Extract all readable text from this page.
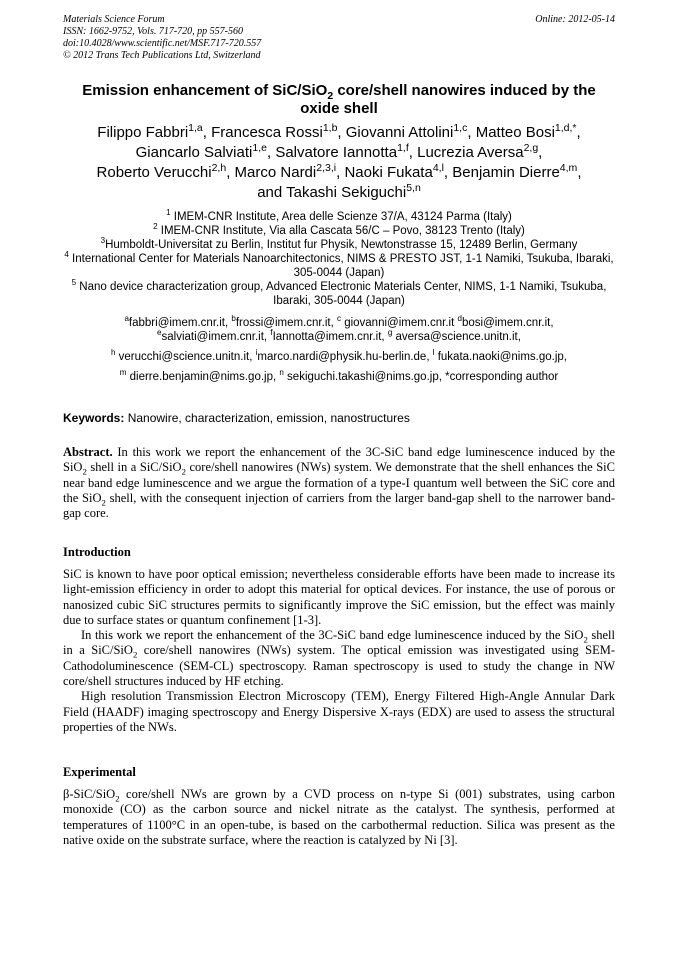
Materials Science Forum
ISSN: 1662-9752, Vols. 717-720, pp 557-560
doi:10.4028/www.scientific.net/MSF.717-720.557
© 2012 Trans Tech Publications Ltd, Switzerland
Online: 2012-05-14
Emission enhancement of SiC/SiO$_2$ core/shell nanowires induced by the oxide shell
Filippo Fabbri$^{1,a}$, Francesca Rossi$^{1,b}$, Giovanni Attolini$^{1,c}$, Matteo Bosi$^{1,d,*}$,
Giancarlo Salviati$^{1,e}$, Salvatore Iannotta$^{1,f}$, Lucrezia Aversa$^{2,g}$,
Roberto Verucchi$^{2,h}$, Marco Nardi$^{2,3,i}$, Naoki Fukata$^{4,l}$, Benjamin Dierre$^{4,m}$,
and Takashi Sekiguchi$^{5,n}$
$^1$ IMEM-CNR Institute, Area delle Scienze 37/A, 43124 Parma (Italy)
$^2$ IMEM-CNR Institute, Via alla Cascata 56/C – Povo, 38123 Trento (Italy)
$^3$Humboldt-Universitat zu Berlin, Institut fur Physik, Newtonstrasse 15, 12489 Berlin, Germany
$^4$ International Center for Materials Nanoarchitectonics, NIMS & PRESTO JST, 1-1 Namiki, Tsukuba, Ibaraki, 305-0044 (Japan)
$^5$ Nano device characterization group, Advanced Electronic Materials Center, NIMS, 1-1 Namiki, Tsukuba, Ibaraki, 305-0044 (Japan)
$^a$fabbri@imem.cnr.it, $^b$frossi@imem.cnr.it, $^c$ giovanni@imem.cnr.it $^d$bosi@imem.cnr.it,
$^e$salviati@imem.cnr.it, $^f$Iannotta@imem.cnr.it, $^g$ aversa@science.unitn.it,
$^h$ verucchi@science.unitn.it, $^i$marco.nardi@physik.hu-berlin.de, $^l$ fukata.naoki@nims.go.jp,
$^m$ dierre.benjamin@nims.go.jp, $^n$ sekiguchi.takashi@nims.go.jp, *corresponding author
Keywords: Nanowire, characterization, emission, nanostructures
Abstract. In this work we report the enhancement of the 3C-SiC band edge luminescence induced by the SiO$_2$ shell in a SiC/SiO$_2$ core/shell nanowires (NWs) system. We demonstrate that the shell enhances the SiC near band edge luminescence and we argue the formation of a type-I quantum well between the SiC core and the SiO$_2$ shell, with the consequent injection of carriers from the larger band-gap shell to the narrower band-gap core.
Introduction

SiC is known to have poor optical emission; nevertheless considerable efforts have been made to increase its light-emission efficiency in order to adopt this material for optical devices. For instance, the use of porous or nanosized cubic SiC structures permits to significantly improve the SiC emission, but the effect was mainly due to surface states or quantum confinement [1-3].

In this work we report the enhancement of the 3C-SiC band edge luminescence induced by the SiO$_2$ shell in a SiC/SiO$_2$ core/shell nanowires (NWs) system. The optical emission was investigated using SEM-Cathodoluminescence (SEM-CL) spectroscopy. Raman spectroscopy is used to study the change in NW core/shell structures induced by HF etching.

High resolution Transmission Electron Microscopy (TEM), Energy Filtered High-Angle Annular Dark Field (HAADF) imaging spectroscopy and Energy Dispersive X-rays (EDX) are used to assess the structural properties of the NWs.

Experimental
β-SiC/SiO$_2$ core/shell NWs are grown by a CVD process on n-type Si (001) substrates, using carbon monoxide (CO) as the carbon source and nickel nitrate as the catalyst. The synthesis, performed at temperatures of 1100°C in an open-tube, is based on the carbothermal reduction. Silica was present as the native oxide on the substrate surface, where the reaction is catalyzed by Ni [3].
